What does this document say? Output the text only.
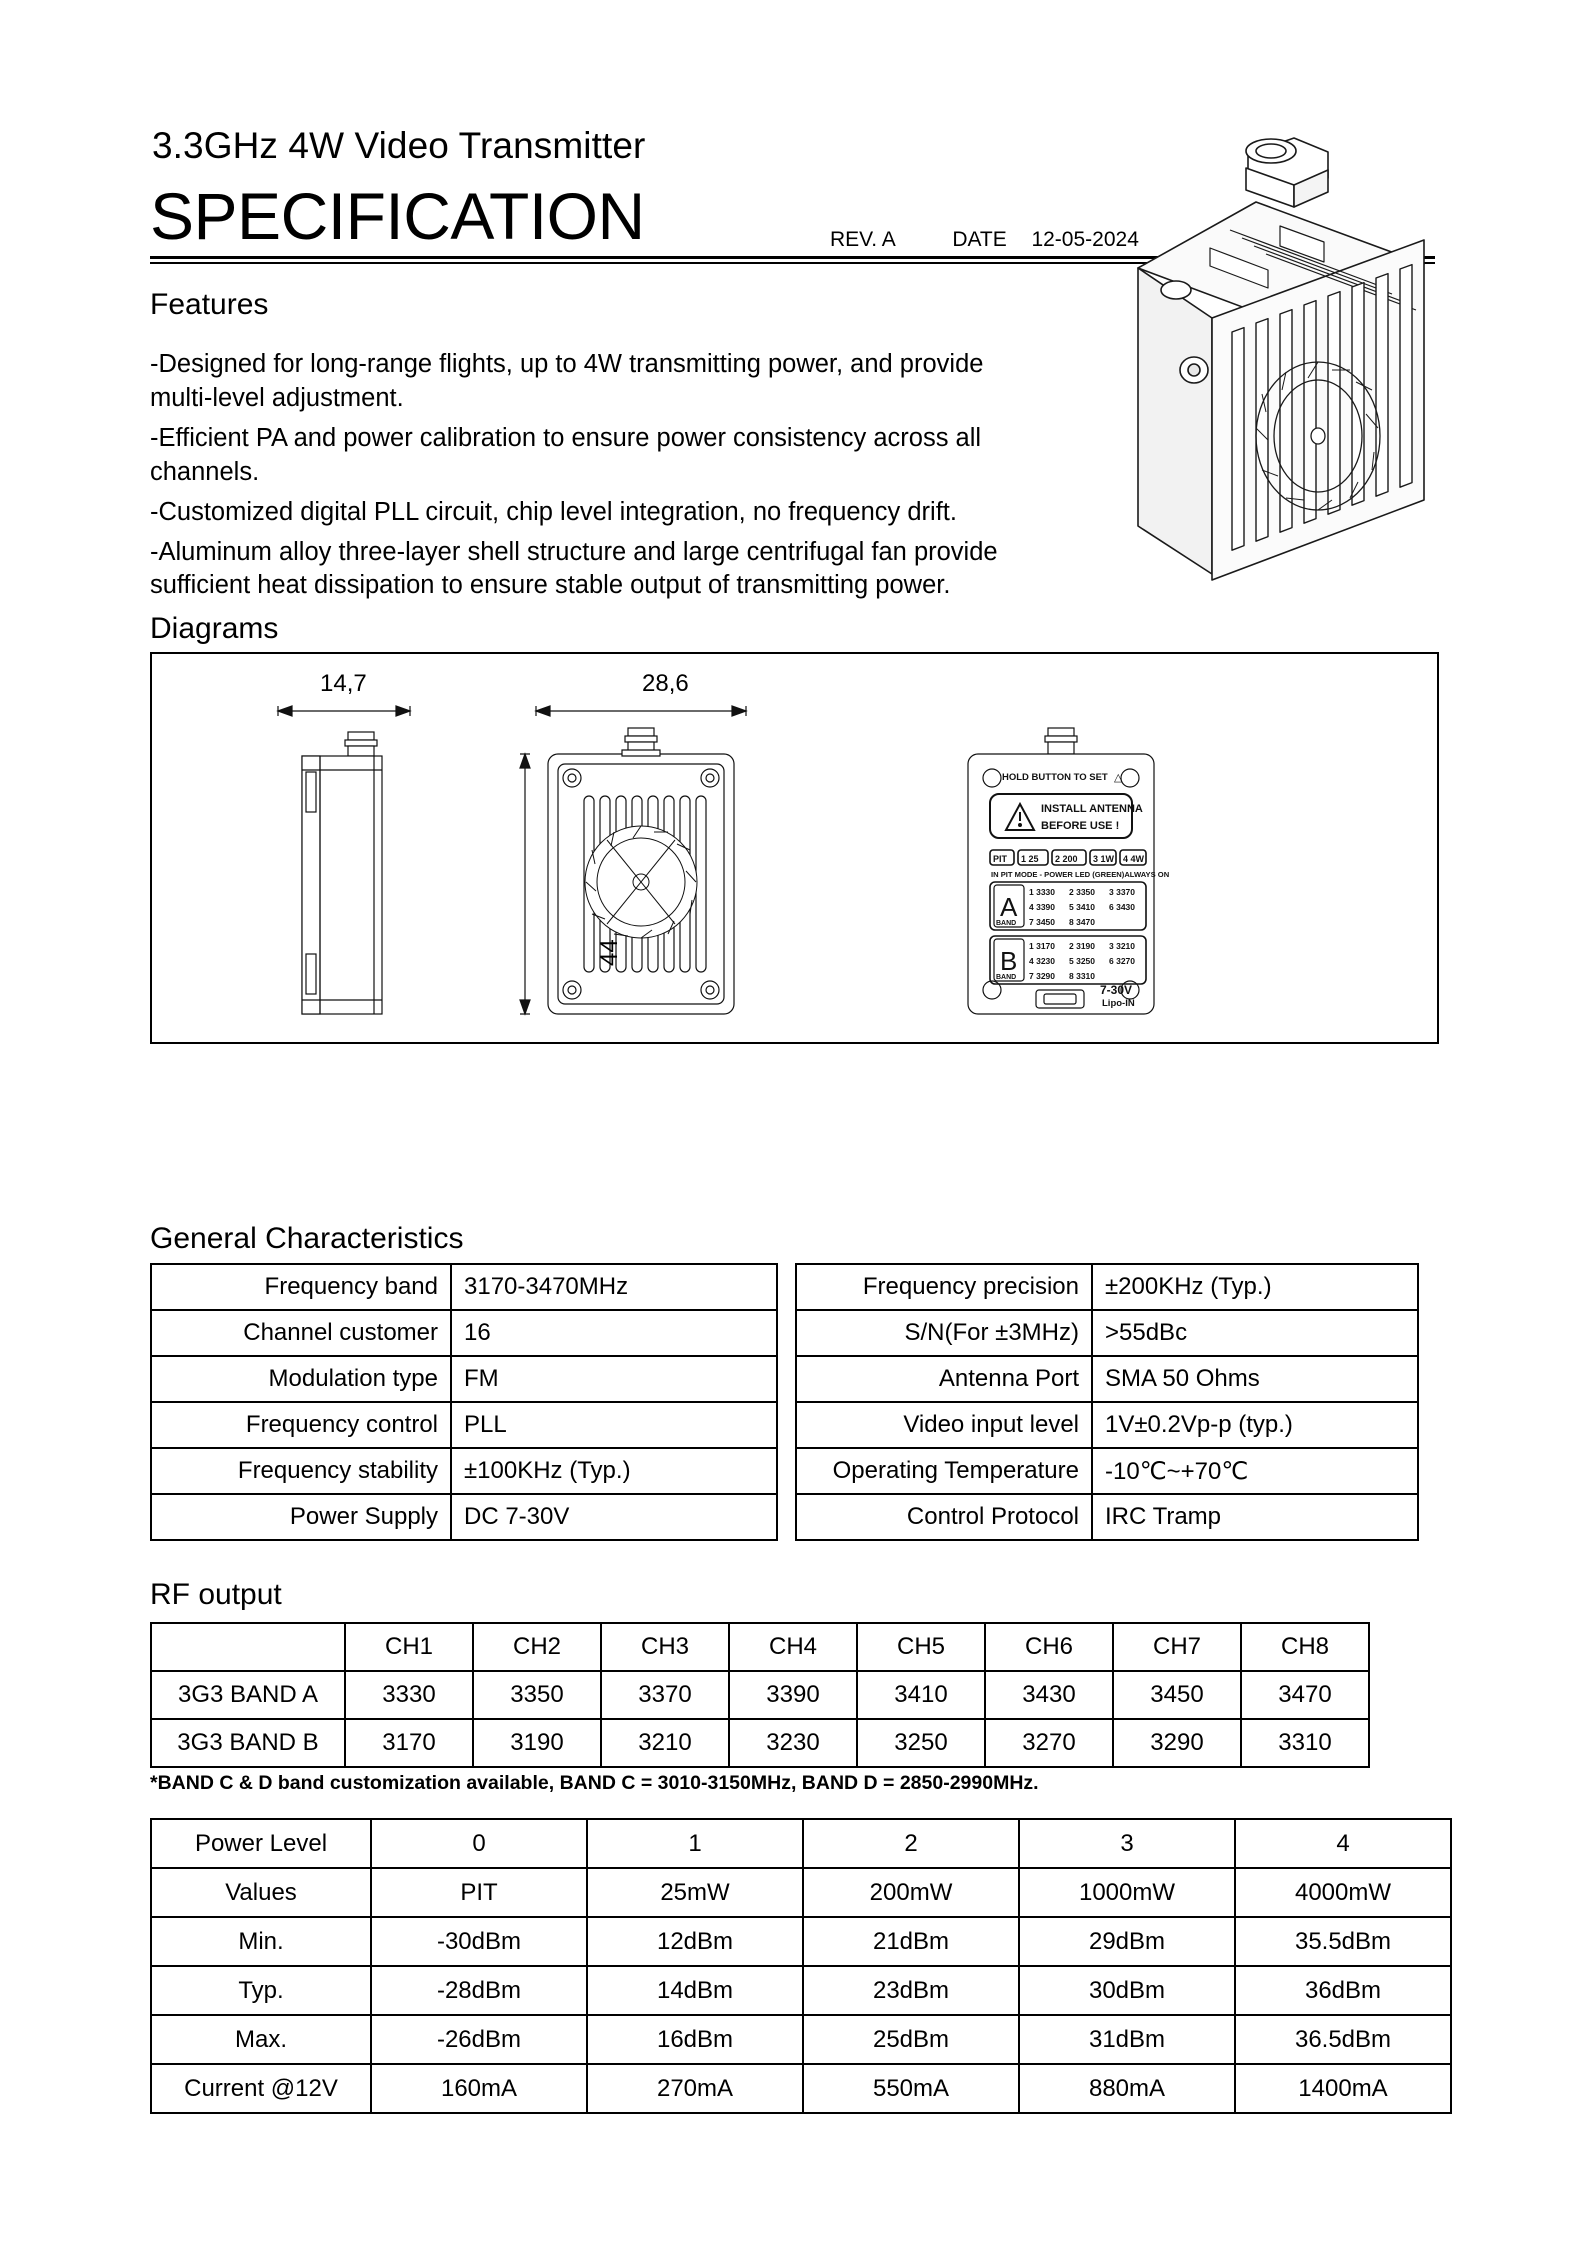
3.3GHz 4W Video Transmitter
SPECIFICATION	REV. A	DATE 12-05-2024
Features

-Designed for long-range flights, up to 4W transmitting power, and provide multi-level adjustment.

-Efficient PA and power calibration to ensure power consistency across all channels.

-Customized digital PLL circuit, chip level integration, no frequency drift.

-Aluminum alloy three-layer shell structure and large centrifugal fan provide sufficient heat dissipation to ensure stable output of transmitting power.

Diagrams
14,7	28,6
44
HOLD BUTTON TO SET △
INSTALL ANTENNA
BEFORE USE !
PIT 1 25 2 200 3 1W 4 4W
IN PIT MODE - POWER LED (GREEN)ALWAYS ON
A
BAND
1 3330 2 3350 3 3370
4 3390 5 3410 6 3430
7 3450 8 3470
B
BAND
1 3170 2 3190 3 3210
4 3230 5 3250 6 3270
7 3290 8 3310
7-30V
Lipo-IN
General Characteristics
Frequency band	3170-3470MHz
Channel customer	16
Modulation type	FM
Frequency control	PLL
Frequency stability	±100KHz (Typ.)
Power Supply	DC 7-30V
Frequency precision	±200KHz (Typ.)
S/N(For ±3MHz)	>55dBc
Antenna Port	SMA 50 Ohms
Video input level	1V±0.2Vp-p (typ.)
Operating Temperature	-10℃~+70℃
Control Protocol	IRC Tramp
RF output
	CH1	CH2	CH3	CH4	CH5	CH6	CH7	CH8
3G3 BAND A	3330	3350	3370	3390	3410	3430	3450	3470
3G3 BAND B	3170	3190	3210	3230	3250	3270	3290	3310
*BAND C & D band customization available, BAND C = 3010-3150MHz, BAND D = 2850-2990MHz.
Power Level	0	1	2	3	4
Values	PIT	25mW	200mW	1000mW	4000mW
Min.	-30dBm	12dBm	21dBm	29dBm	35.5dBm
Typ.	-28dBm	14dBm	23dBm	30dBm	36dBm
Max.	-26dBm	16dBm	25dBm	31dBm	36.5dBm
Current @12V	160mA	270mA	550mA	880mA	1400mA
